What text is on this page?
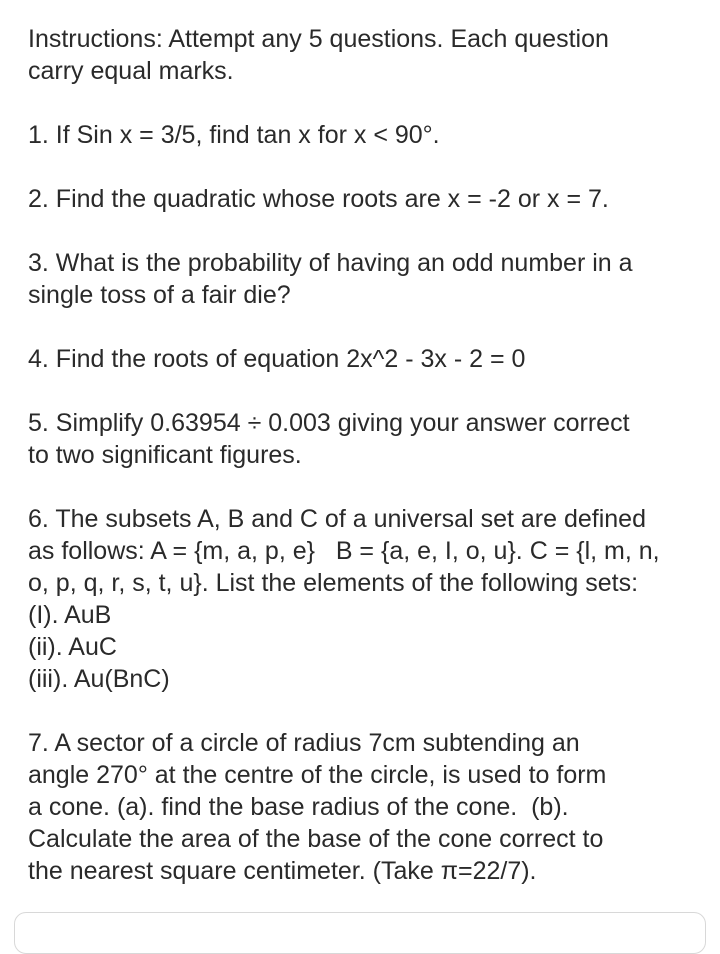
Instructions: Attempt any 5 questions. Each question
carry equal marks.
1. If Sin x = 3/5, find tan x for x < 90°.
2. Find the quadratic whose roots are x = -2 or x = 7.
3. What is the probability of having an odd number in a
single toss of a fair die?
4. Find the roots of equation 2x^2 - 3x - 2 = 0
5. Simplify 0.63954 ÷ 0.003 giving your answer correct
to two significant figures.
6. The subsets A, B and C of a universal set are defined
as follows: A = {m, a, p, e}   B = {a, e, I, o, u}. C = {l, m, n,
o, p, q, r, s, t, u}. List the elements of the following sets:
(I). AuB
(ii). AuC
(iii). Au(BnC)
7. A sector of a circle of radius 7cm subtending an
angle 270° at the centre of the circle, is used to form
a cone. (a). find the base radius of the cone.  (b).
Calculate the area of the base of the cone correct to
the nearest square centimeter. (Take π=22/7).
